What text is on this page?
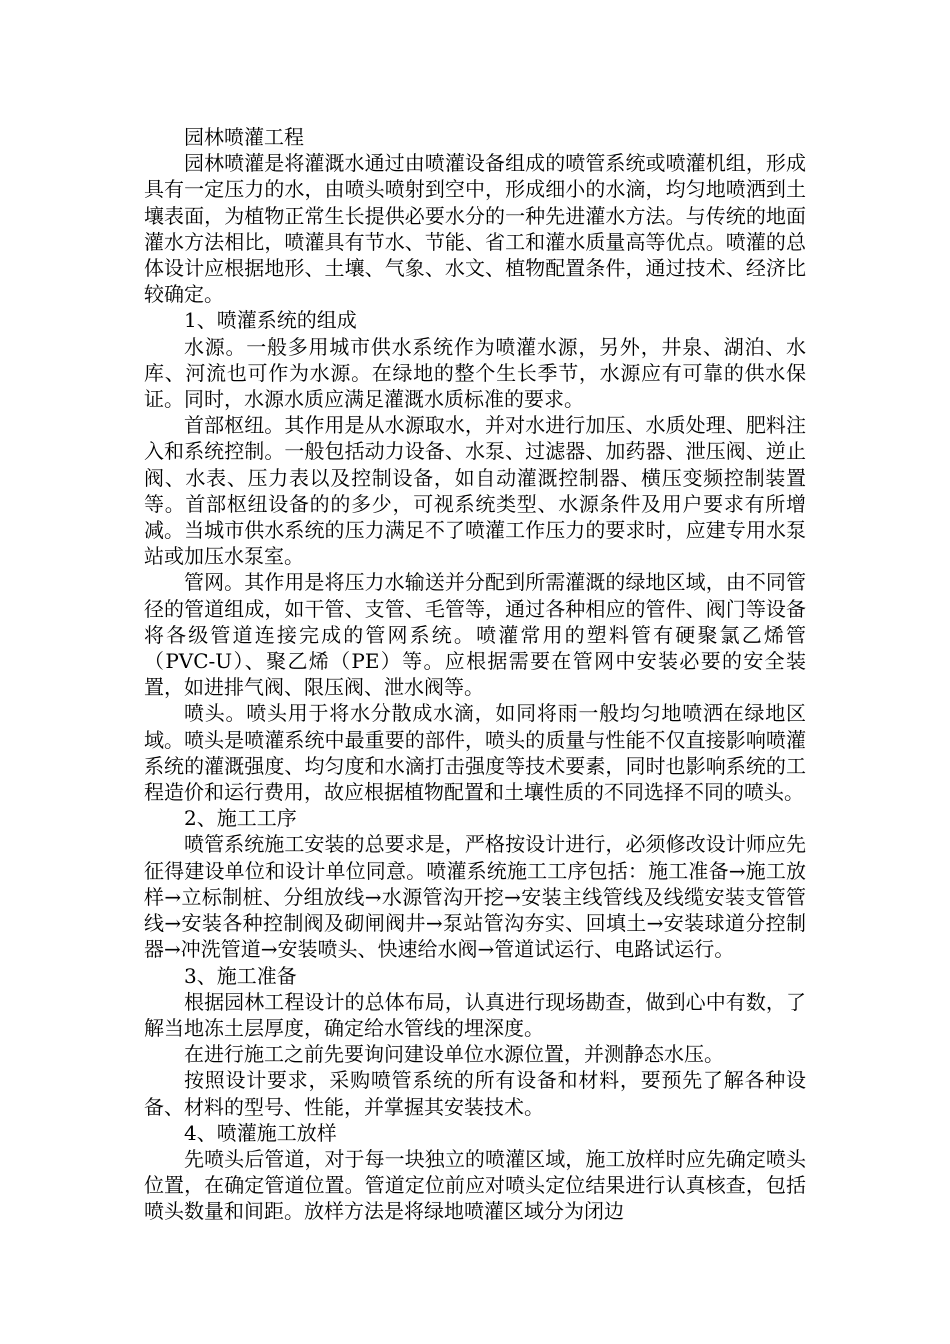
园林喷灌工程

园林喷灌是将灌溉水通过由喷灌设备组成的喷管系统或喷灌机组，形成具有一定压力的水，由喷头喷射到空中，形成细小的水滴，均匀地喷洒到土壤表面，为植物正常生长提供必要水分的一种先进灌水方法。与传统的地面灌水方法相比，喷灌具有节水、节能、省工和灌水质量高等优点。喷灌的总体设计应根据地形、土壤、气象、水文、植物配置条件，通过技术、经济比较确定。

1、喷灌系统的组成

水源。一般多用城市供水系统作为喷灌水源，另外，井泉、湖泊、水库、河流也可作为水源。在绿地的整个生长季节，水源应有可靠的供水保证。同时，水源水质应满足灌溉水质标准的要求。

首部枢纽。其作用是从水源取水，并对水进行加压、水质处理、肥料注入和系统控制。一般包括动力设备、水泵、过滤器、加药器、泄压阀、逆止阀、水表、压力表以及控制设备，如自动灌溉控制器、横压变频控制装置等。首部枢纽设备的的多少，可视系统类型、水源条件及用户要求有所增减。当城市供水系统的压力满足不了喷灌工作压力的要求时，应建专用水泵站或加压水泵室。

管网。其作用是将压力水输送并分配到所需灌溉的绿地区域，由不同管径的管道组成，如干管、支管、毛管等，通过各种相应的管件、阀门等设备将各级管道连接完成的管网系统。喷灌常用的塑料管有硬聚氯乙烯管（PVC-U）、聚乙烯（PE）等。应根据需要在管网中安装必要的安全装置，如进排气阀、限压阀、泄水阀等。

喷头。喷头用于将水分散成水滴，如同将雨一般均匀地喷洒在绿地区域。喷头是喷灌系统中最重要的部件，喷头的质量与性能不仅直接影响喷灌系统的灌溉强度、均匀度和水滴打击强度等技术要素，同时也影响系统的工程造价和运行费用，故应根据植物配置和土壤性质的不同选择不同的喷头。

2、施工工序

喷管系统施工安装的总要求是，严格按设计进行，必须修改设计师应先征得建设单位和设计单位同意。喷灌系统施工工序包括：施工准备→施工放样→立标制桩、分组放线→水源管沟开挖→安装主线管线及线缆安装支管管线→安装各种控制阀及砌闸阀井→泵站管沟夯实、回填土→安装球道分控制器→冲洗管道→安装喷头、快速给水阀→管道试运行、电路试运行。

3、施工准备

根据园林工程设计的总体布局，认真进行现场勘查，做到心中有数，了解当地冻土层厚度，确定给水管线的埋深度。

在进行施工之前先要询问建设单位水源位置，并测静态水压。

按照设计要求，采购喷管系统的所有设备和材料，要预先了解各种设备、材料的型号、性能，并掌握其安装技术。

4、喷灌施工放样

先喷头后管道，对于每一块独立的喷灌区域，施工放样时应先确定喷头位置，在确定管道位置。管道定位前应对喷头定位结果进行认真核查，包括喷头数量和间距。放样方法是将绿地喷灌区域分为闭边
